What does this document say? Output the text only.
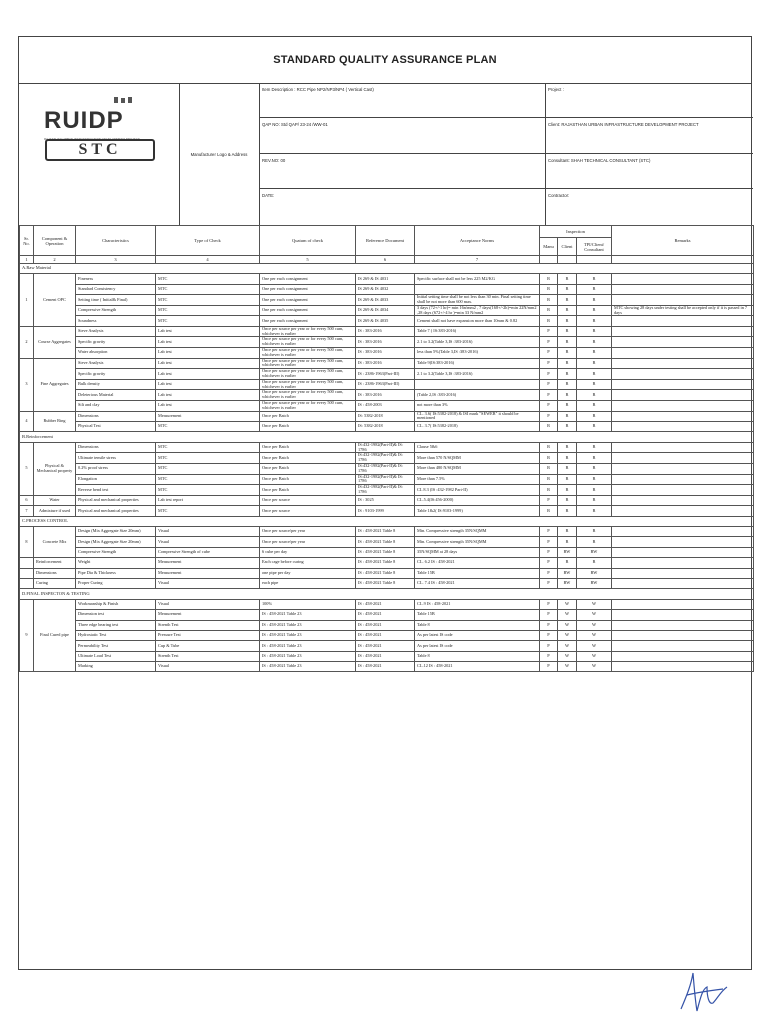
STANDARD QUALITY ASSURANCE PLAN
RUIDP
RAJASTHAN URBAN INFRASTRUCTURE DEVELOPMENT PROJECT
STC	Manufacturer Logo & Address
Item Description : RCC Pipe NP2/NP3/NP4 ( Vertical Cast)
QAP NO: Std QAP/ 23-24 /WW-01
REV.NO: 00
DATE:
Project :
Client: RAJASTHAN URBAN INFRASTRUCTURE DEVELOPMENT PROJECT
Consultant: SHAH TECHNICAL CONSULTANT (STC)
Contractor:
Sr. No.	Component & Operation	Characteristics	Type of Check	Quatum of check	Reference Document	Acceptance Norms	Inspection			Remarks
							Manu	Client	TPI/Client/ Consultant	
1	2	3	4	5	6	7				
A.Raw Material										
1	Cement OPC	Fineness	MTC	One per each consignment	IS 269 & IS 4031	Specific surface shall not be less 225 M2/KG	R	R	R	
		Standard Consistency	MTC	One per each consignment	IS 269 & IS 4032		R	R	R	
		Setting time ( Initial& Final)	MTC	One per each consignment	IS 269 & IS 4033	Initial setting time shall be not less than 30 min. Final setting time shall be not more than 600 max.	R	R	R	
		Compressive Strength	MTC	One per each consignment	IS 269 & IS 4034	3 days (72+/-1 hr)= min 16n/mm2 , 7 days(168+/-2h)=min 22N/mm2 ,28 days (672+/-4 hr )=min 33 N/mm2	R	R	R	MTC showing 28 days under testing shall be accepted only if it is passed in 7 days
		Soundness	MTC	One per each consignment	IS 269 & IS 4035	Cement shall not have expansion more than 10mm & 0.82	R	R	R	
2	Course Aggregates	Sieve Analysis	Lab test	Once per source per year or for every 500 cum, whichever is earlier	IS : 383-2016	Table 7 ( IS:383-2016)	P	R	R	
		Specific gravity	Lab test	Once per source per year or for every 500 cum, whichever is earlier	IS : 383-2016	2.1 to 3.2(Table 3,IS :383-2016)	P	R	R	
		Water absorption	Lab test	Once per source per year or for every 500 cum, whichever is earlier	IS : 383-2016	less than 5%(Table 3,IS :383-2016)	P	R	R	
3	Fine Aggregates	Sieve Analysis	Lab test	Once per source per year or for every 500 cum, whichever is earlier	IS : 383-2016	Table 9(IS:383-2016)	P	R	R	
		Specific gravity	Lab test	Once per source per year or for every 500 cum, whichever is earlier	IS : 2386-1963(Part-III)	2.1 to 3.2(Table 3,IS :383-2016)	P	R	R	
		Bulk density	Lab test	Once per source per year or for every 500 cum, whichever is earlier	IS : 2386-1963(Part-III)		P	R	R	
		Deleterious Material	Lab test	Once per source per year or for every 500 cum, whichever is earlier	IS : 383-2016	(Table 2,IS :383-2016)	P	R	R	
		Silt and clay	Lab test	Once per source per year or for every 500 cum, whichever is earlier	IS : 458-2003	not more than 3%	P	R	R	
4	Rubber Ring	Dimensions	Measurement	Once per Batch	IS: 5382-2018	CL. 3.6( IS:5382-2018) & ISI mark "SEWER" it should be mentioned	P	R	R	
		Physical Test	MTC	Once per Batch	IS: 5382-2018	CL. 3.7( IS:5382-2018)	R	R	R	
B.Reinforcement										
5	Physical & Mechanical property	Dimensions	MTC	Once per Batch	IS:432-1982(Part-II)& IS: 1786	Clause 5&6	R	R	R	
		Ultimate tensile stress	MTC	Once per Batch	IS:432-1982(Part-II)& IS: 1786	More than 570 N/SQMM	R	R	R	
		0.2% proof stress	MTC	Once per Batch	IS:432-1982(Part-II)& IS: 1786	More than 480 N/SQMM	R	R	R	
		Elongation	MTC	Once per Batch	IS:432-1982(Part-II)& IS: 1786	More than 7.5%	R	R	R	
		Reverse bend test	MTC	Once per Batch	IS:432-1982(Part-II)& IS: 1786	CL 8.3 (IS :432-1982 Part-II)	R	R	R	
6	Water	Physical and mechanical properties	Lab test report	Once per source	IS : 3025	CL.5.4(IS:456-2000)	P	R	R	
7	Admixture if used	Physical and mechanical properties	MTC	Once per source	IS : 9103-1999	Table 1&2( IS:9103-1999)	R	R	R	
C.PROCESS CONTROL										
8	Concrete Mix	Design (Mix Aggregate Size 20mm)	Visual	Once per source/per year	IS : 458-2021 Table 8	Min. Compressive strength 35N/SQMM	P	R	R	
		Design (Mix Aggregate Size 20mm)	Visual	Once per source/per year	IS : 458-2021 Table 8	Min. Compressive strength 35N/SQMM	P	R	R	
		Compressive Strength	Compressive Strength of cube	6 cube per day	IS : 458-2021 Table 8	35N/SQMM at 28 days	P	RW	RW	
	Reinforcement	Weight	Measurement	Each cage before curing	IS : 458-2021 Table 8	CL. 6.2 IS : 458-2021	P	R	R	
	Dimensions	Pipe Dia & Thickness	Measurement	one pipe per day	IS : 458-2021 Table 8	Table 15B	P	RW	RW	
	Curing	Proper Curing	Visual	each pipe	IS : 458-2021 Table 8	CL. 7.4 IS : 458-2021	P	RW	RW	
D.FINAL INSPECTON & TESTING										
9	Final Cured pipe	Workmanship & Finish	Visual	100%	IS : 458-2021	CL.9 IS : 458-2021	P	W	W	
		Dimension test	Measurement	IS : 458-2021 Table 23	IS : 458-2021	Table 15B	P	W	W	
		Three edge bearing test	Strenth Test	IS : 458-2021 Table 23	IS : 458-2021	Table 8	P	W	W	
		Hydrostatic Test	Pressure Test	IS : 458-2021 Table 23	IS : 458-2021	As per latest IS code	P	W	W	
		Permeability Test	Cup & Tube	IS : 458-2021 Table 23	IS : 458-2021	As per latest IS code	P	W	W	
		Ultimate Load Test	Strenth Test	IS : 458-2021 Table 23	IS : 458-2021	Table 8	P	W	W	
		Marking	Visual	IS : 458-2021 Table 23	IS : 458-2021	CL.12 IS : 458-2021	P	W	W	
